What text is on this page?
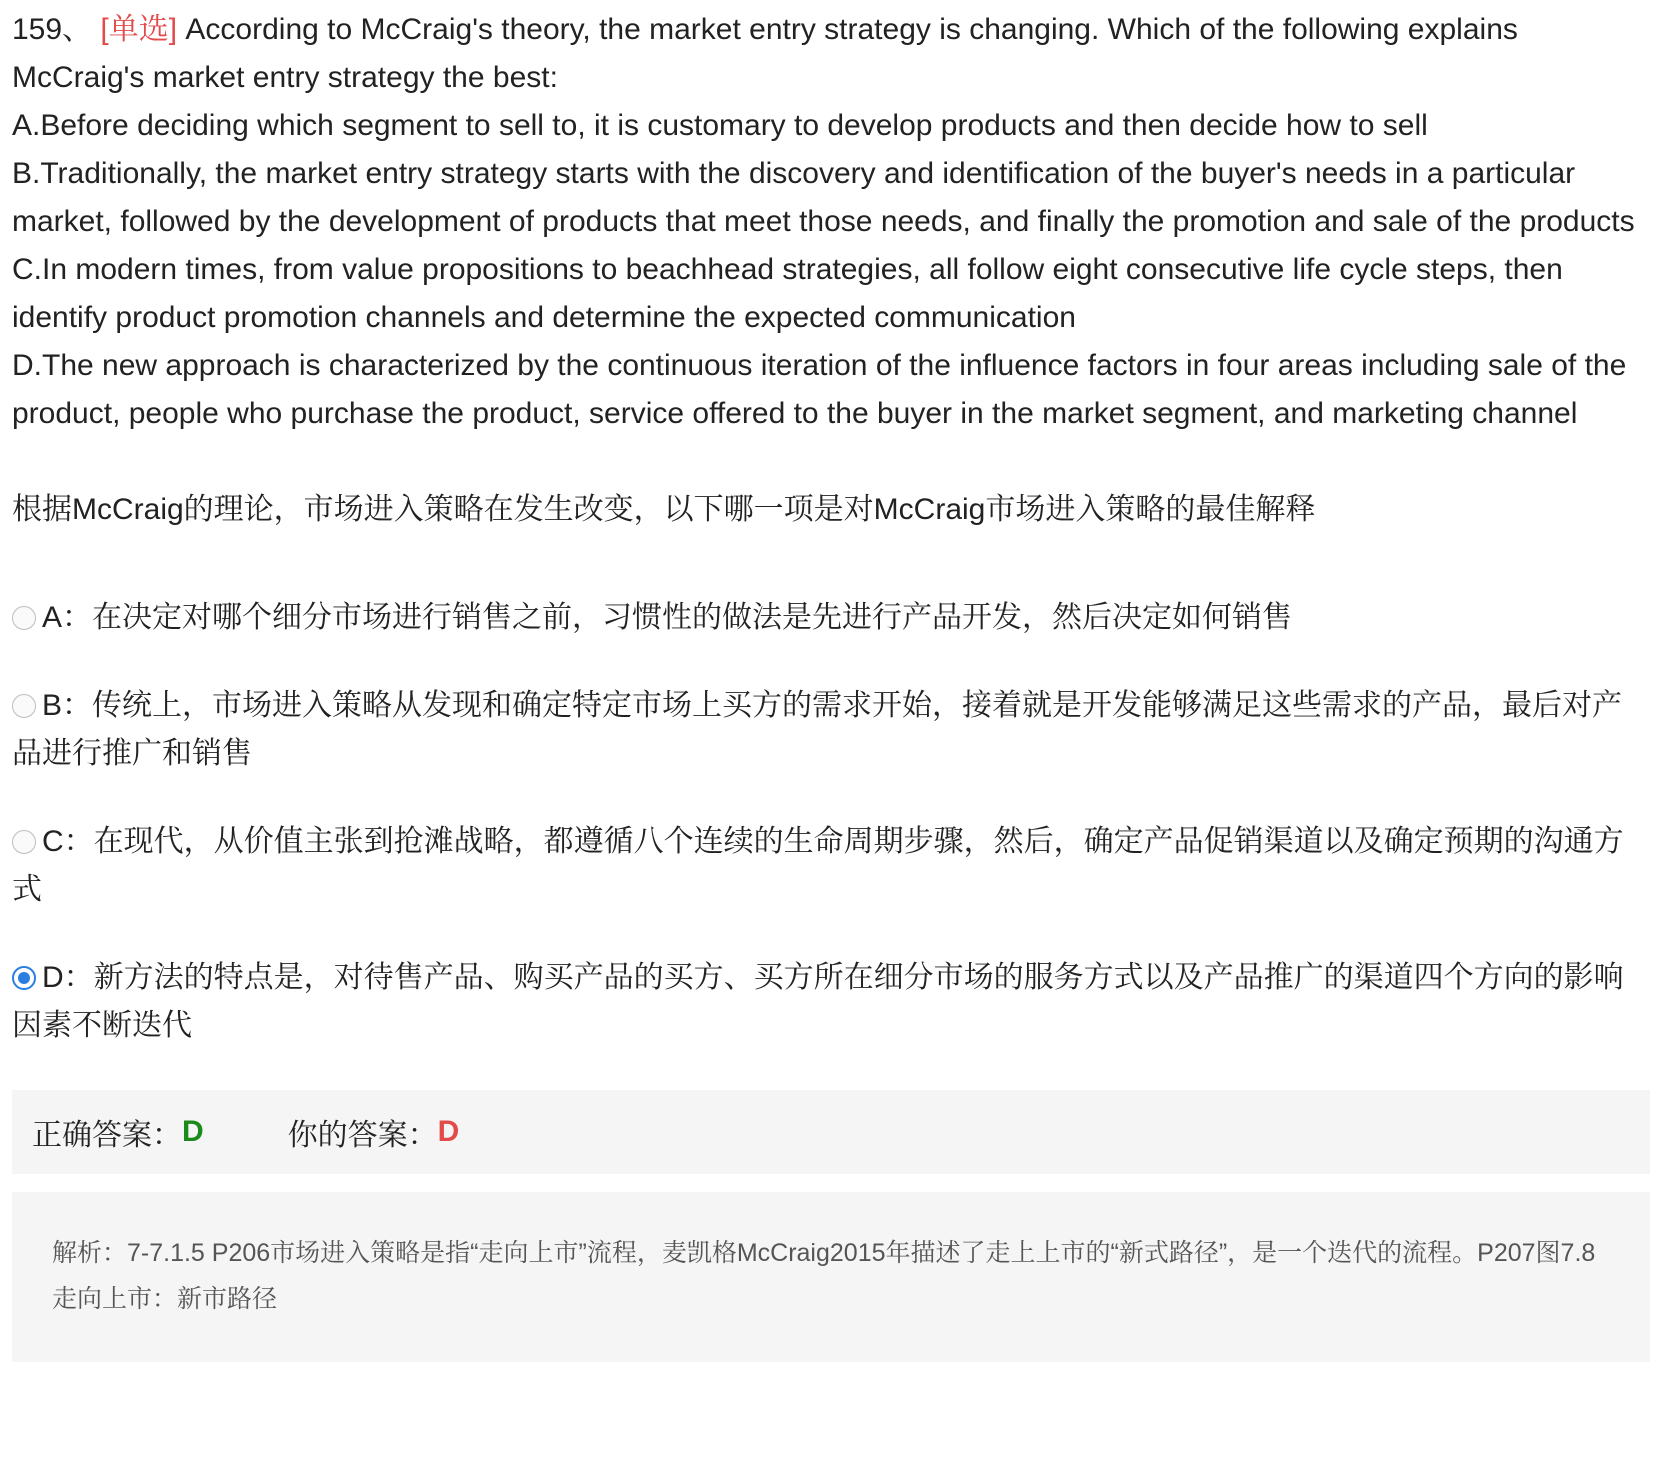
159、 [单选] According to McCraig's theory, the market entry strategy is changing. Which of the following explains McCraig's market entry strategy the best:
A.Before deciding which segment to sell to, it is customary to develop products and then decide how to sell
B.Traditionally, the market entry strategy starts with the discovery and identification of the buyer's needs in a particular market, followed by the development of products that meet those needs, and finally the promotion and sale of the products
C.In modern times, from value propositions to beachhead strategies, all follow eight consecutive life cycle steps, then identify product promotion channels and determine the expected communication
D.The new approach is characterized by the continuous iteration of the influence factors in four areas including sale of the product, people who purchase the product, service offered to the buyer in the market segment, and marketing channel
根据McCraig的理论，市场进入策略在发生改变，以下哪一项是对McCraig市场进入策略的最佳解释
A：在决定对哪个细分市场进行销售之前，习惯性的做法是先进行产品开发，然后决定如何销售
B：传统上，市场进入策略从发现和确定特定市场上买方的需求开始，接着就是开发能够满足这些需求的产品，最后对产品进行推广和销售
C：在现代，从价值主张到抢滩战略，都遵循八个连续的生命周期步骤，然后，确定产品促销渠道以及确定预期的沟通方式
D：新方法的特点是，对待售产品、购买产品的买方、买方所在细分市场的服务方式以及产品推广的渠道四个方向的影响因素不断迭代
正确答案： D	你的答案： D
解析：7-7.1.5 P206市场进入策略是指“走向上市”流程，麦凯格McCraig2015年描述了走上上市的“新式路径”，是一个迭代的流程。P207图7.8走向上市：新市路径
